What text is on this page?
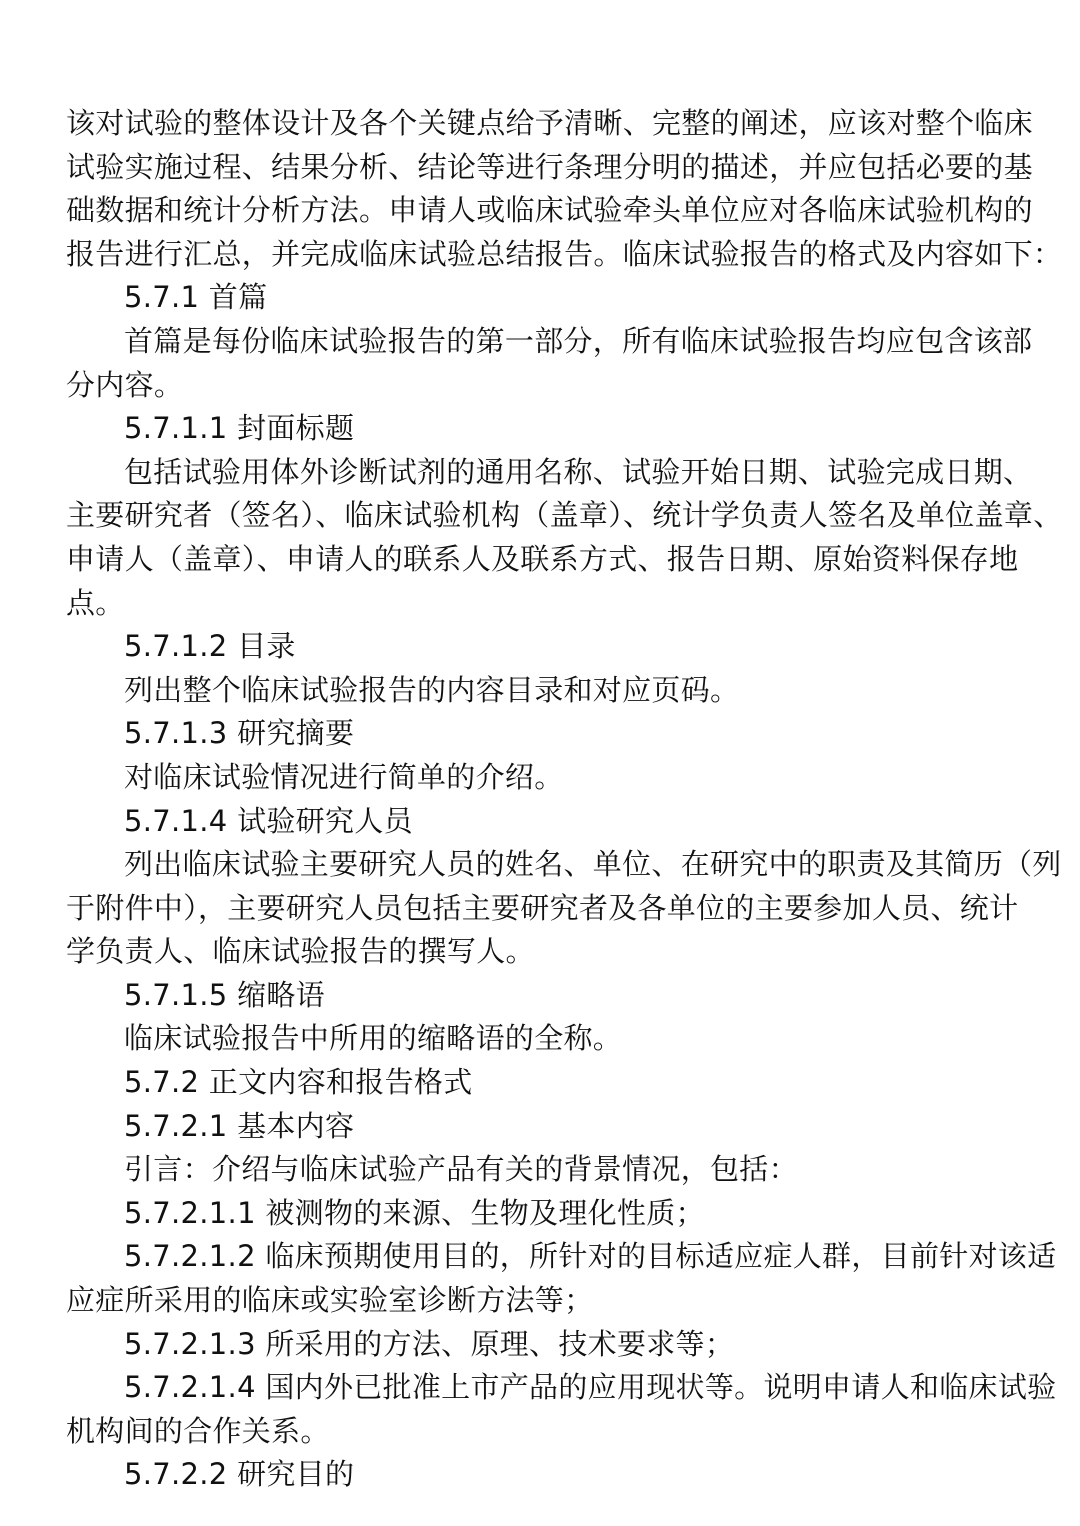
该对试验的整体设计及各个关键点给予清晰、完整的阐述，应该对整个临床
试验实施过程、结果分析、结论等进行条理分明的描述，并应包括必要的基
础数据和统计分析方法。申请人或临床试验牵头单位应对各临床试验机构的
报告进行汇总，并完成临床试验总结报告。临床试验报告的格式及内容如下：
5.7.1 首篇
首篇是每份临床试验报告的第一部分，所有临床试验报告均应包含该部
分内容。
5.7.1.1 封面标题
包括试验用体外诊断试剂的通用名称、试验开始日期、试验完成日期、
主要研究者（签名）、临床试验机构（盖章）、统计学负责人签名及单位盖章、
申请人（盖章）、申请人的联系人及联系方式、报告日期、原始资料保存地
点。
5.7.1.2 目录
列出整个临床试验报告的内容目录和对应页码。
5.7.1.3 研究摘要
对临床试验情况进行简单的介绍。
5.7.1.4 试验研究人员
列出临床试验主要研究人员的姓名、单位、在研究中的职责及其简历（列
于附件中），主要研究人员包括主要研究者及各单位的主要参加人员、统计
学负责人、临床试验报告的撰写人。
5.7.1.5 缩略语
临床试验报告中所用的缩略语的全称。
5.7.2 正文内容和报告格式
5.7.2.1 基本内容
引言：介绍与临床试验产品有关的背景情况，包括：
5.7.2.1.1 被测物的来源、生物及理化性质；
5.7.2.1.2 临床预期使用目的，所针对的目标适应症人群，目前针对该适
应症所采用的临床或实验室诊断方法等；
5.7.2.1.3 所采用的方法、原理、技术要求等；
5.7.2.1.4 国内外已批准上市产品的应用现状等。说明申请人和临床试验
机构间的合作关系。
5.7.2.2 研究目的
